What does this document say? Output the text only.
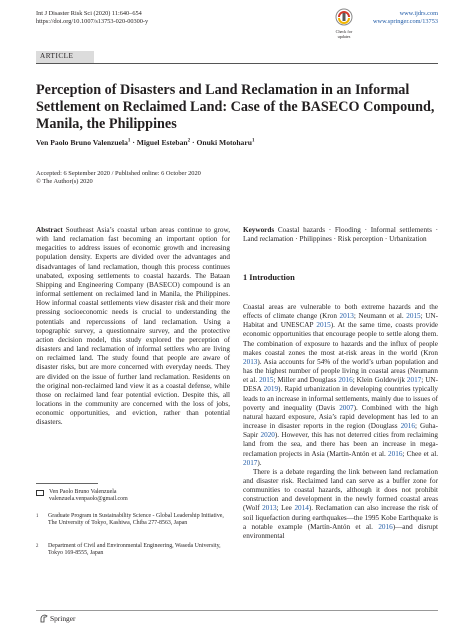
Int J Disaster Risk Sci (2020) 11:640–654
https://doi.org/10.1007/s13753-020-00300-y
www.ijdrs.com
www.springer.com/13753
Check for
updates
ARTICLE
Perception of Disasters and Land Reclamation in an Informal Settlement on Reclaimed Land: Case of the BASECO Compound, Manila, the Philippines
Ven Paolo Bruno Valenzuela$^1$ · Miguel Esteban$^2$ · Onuki Motoharu$^1$
Accepted: 6 September 2020 / Published online: 6 October 2020
© The Author(s) 2020
Abstract Southeast Asia’s coastal urban areas continue to grow, with land reclamation fast becoming an important option for megacities to address issues of economic growth and increasing population density. Experts are divided over the advantages and disadvantages of land reclamation, though this process continues unabated, exposing settlements to coastal hazards. The Bataan Shipping and Engineering Company (BASECO) compound is an informal settlement on reclaimed land in Manila, the Philippines. How informal coastal settlements view disaster risk and their more pressing socioeconomic needs is crucial to understanding the potentials and repercussions of land reclamation. Using a topographic survey, a questionnaire survey, and the protective action decision model, this study explored the perception of disasters and land reclamation of informal settlers who are living on reclaimed land. The study found that people are aware of disaster risks, but are more concerned with everyday needs. They are divided on the issue of further land reclamation. Residents on the original non-reclaimed land view it as a coastal defense, while those on reclaimed land fear potential eviction. Despite this, all locations in the community are concerned with the loss of jobs, economic opportunities, and eviction, rather than potential disasters.
Keywords Coastal hazards · Flooding · Informal settlements · Land reclamation · Philippines · Risk perception · Urbanization
1 Introduction

Coastal areas are vulnerable to both extreme hazards and the effects of climate change (Kron 2013; Neumann et al. 2015; UN-Habitat and UNESCAP 2015). At the same time, coasts provide economic opportunities that encourage people to settle along them. The combination of exposure to hazards and the influx of people makes coastal zones the most at-risk areas in the world (Kron 2013). Asia accounts for 54% of the world’s urban population and has the highest number of people living in coastal areas (Neumann et al. 2015; Miller and Douglass 2016; Klein Goldewijk 2017; UN-DESA 2019). Rapid urbanization in developing countries typically leads to an increase in informal settlements, mainly due to issues of poverty and inequality (Davis 2007). Combined with the high natural hazard exposure, Asia’s rapid development has led to an increase in disaster reports in the region (Douglass 2016; Guha-Sapir 2020). However, this has not deterred cities from reclaiming land from the sea, and there has been an increase in mega-reclamation projects in Asia (Martín-Antón et al. 2016; Chee et al. 2017).

There is a debate regarding the link between land reclamation and disaster risk. Reclaimed land can serve as a buffer zone for communities to coastal hazards, although it does not prohibit construction and development in the newly formed coastal areas (Wolf 2013; Lee 2014). Reclamation can also increase the risk of soil liquefaction during earthquakes—the 1995 Kobe Earthquake is a notable example (Martín-Antón et al. 2016)—and disrupt environmental

Ven Paolo Bruno Valenzuela
valenzuela.venpaolo@gmail.com
1	Graduate Program in Sustainability Science - Global Leadership Initiative, The University of Tokyo, Kashiwa, Chiba 277-8563, Japan
2	Department of Civil and Environmental Engineering, Waseda University, Tokyo 169-8555, Japan
Springer
